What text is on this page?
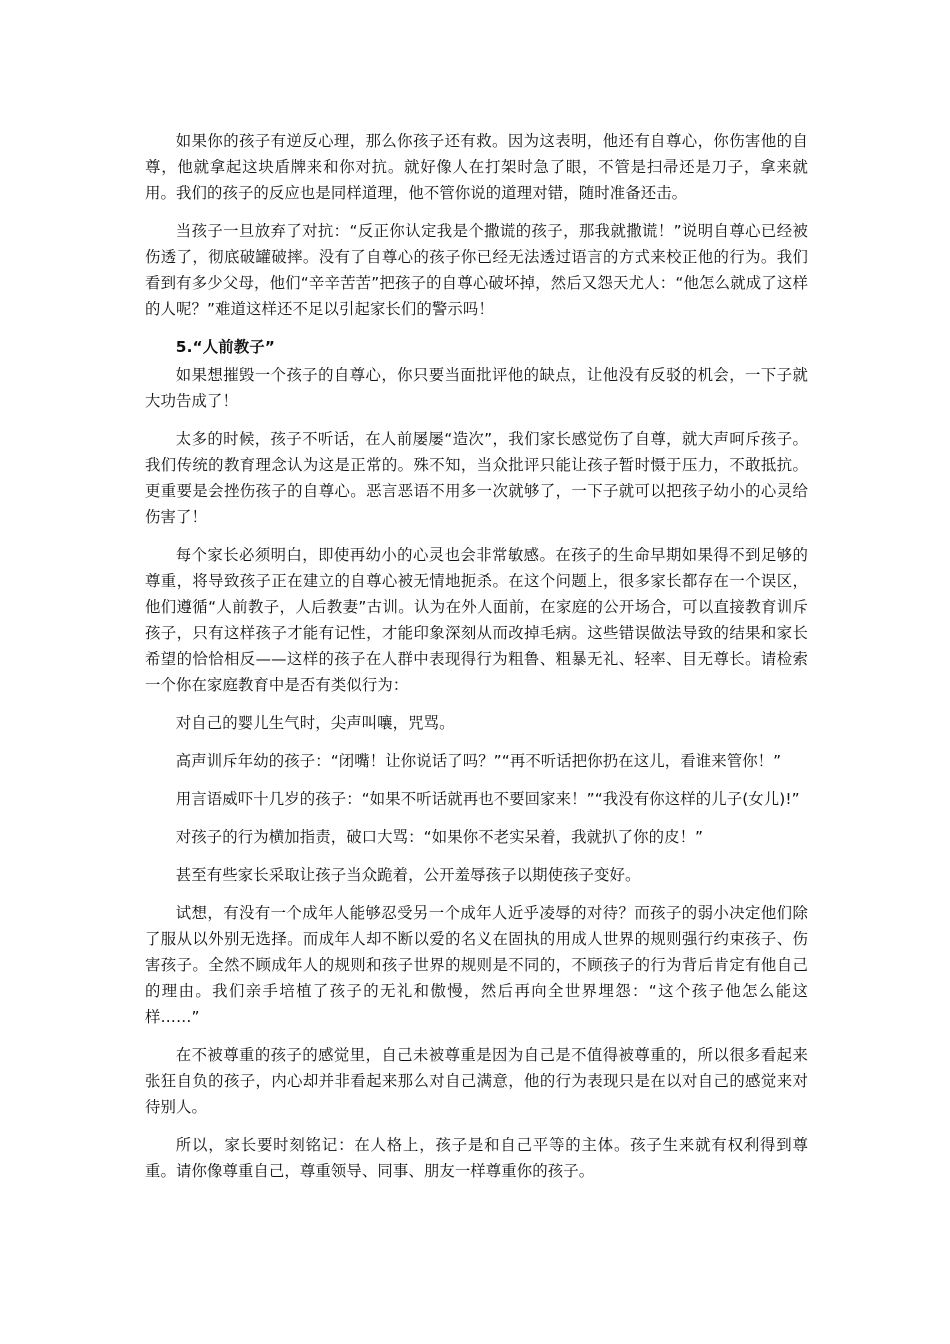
如果你的孩子有逆反心理，那么你孩子还有救。因为这表明，他还有自尊心，你伤害他的自尊，他就拿起这块盾牌来和你对抗。就好像人在打架时急了眼，不管是扫帚还是刀子，拿来就用。我们的孩子的反应也是同样道理，他不管你说的道理对错，随时准备还击。

当孩子一旦放弃了对抗：“反正你认定我是个撒谎的孩子，那我就撒谎！”说明自尊心已经被伤透了，彻底破罐破摔。没有了自尊心的孩子你已经无法透过语言的方式来校正他的行为。我们看到有多少父母，他们“辛辛苦苦”把孩子的自尊心破坏掉，然后又怨天尤人：“他怎么就成了这样的人呢？”难道这样还不足以引起家长们的警示吗！

5.“人前教子”

如果想摧毁一个孩子的自尊心，你只要当面批评他的缺点，让他没有反驳的机会，一下子就大功告成了！

太多的时候，孩子不听话，在人前屡屡“造次”，我们家长感觉伤了自尊，就大声呵斥孩子。我们传统的教育理念认为这是正常的。殊不知，当众批评只能让孩子暂时慑于压力，不敢抵抗。更重要是会挫伤孩子的自尊心。恶言恶语不用多一次就够了，一下子就可以把孩子幼小的心灵给伤害了！

每个家长必须明白，即使再幼小的心灵也会非常敏感。在孩子的生命早期如果得不到足够的尊重，将导致孩子正在建立的自尊心被无情地扼杀。在这个问题上，很多家长都存在一个误区，他们遵循“人前教子，人后教妻”古训。认为在外人面前，在家庭的公开场合，可以直接教育训斥孩子，只有这样孩子才能有记性，才能印象深刻从而改掉毛病。这些错误做法导致的结果和家长希望的恰恰相反——这样的孩子在人群中表现得行为粗鲁、粗暴无礼、轻率、目无尊长。请检索一个你在家庭教育中是否有类似行为：

对自己的婴儿生气时，尖声叫嚷，咒骂。

高声训斥年幼的孩子：“闭嘴！让你说话了吗？”“再不听话把你扔在这儿，看谁来管你！”

用言语威吓十几岁的孩子：“如果不听话就再也不要回家来！”“我没有你这样的儿子(女儿)!”

对孩子的行为横加指责，破口大骂：“如果你不老实呆着，我就扒了你的皮！”

甚至有些家长采取让孩子当众跪着，公开羞辱孩子以期使孩子变好。

试想，有没有一个成年人能够忍受另一个成年人近乎凌辱的对待？而孩子的弱小决定他们除了服从以外别无选择。而成年人却不断以爱的名义在固执的用成人世界的规则强行约束孩子、伤害孩子。全然不顾成年人的规则和孩子世界的规则是不同的，不顾孩子的行为背后肯定有他自己的理由。我们亲手培植了孩子的无礼和傲慢，然后再向全世界埋怨：“这个孩子他怎么能这样……”

在不被尊重的孩子的感觉里，自己未被尊重是因为自己是不值得被尊重的，所以很多看起来张狂自负的孩子，内心却并非看起来那么对自己满意，他的行为表现只是在以对自己的感觉来对待别人。

所以，家长要时刻铭记：在人格上，孩子是和自己平等的主体。孩子生来就有权利得到尊重。请你像尊重自己，尊重领导、同事、朋友一样尊重你的孩子。
